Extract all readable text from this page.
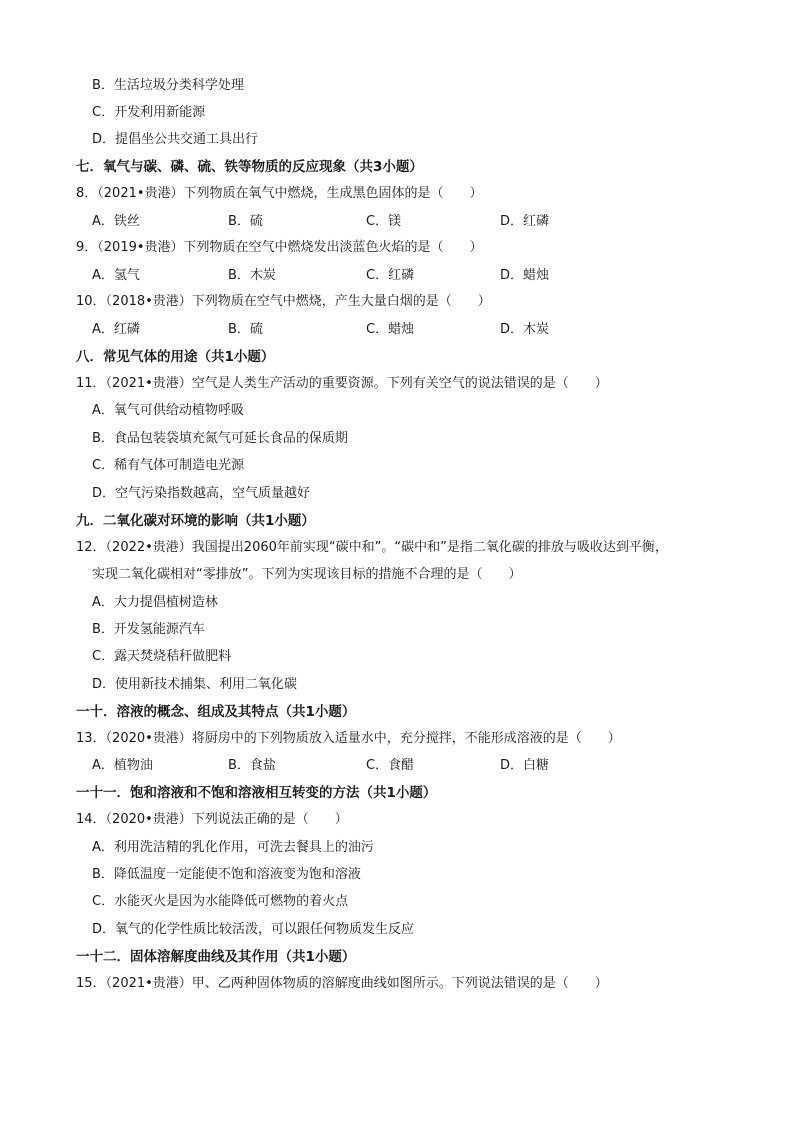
B．生活垃圾分类科学处理
C．开发利用新能源
D．提倡坐公共交通工具出行
七．氧气与碳、磷、硫、铁等物质的反应现象（共3小题）
8．（2021•贵港）下列物质在氧气中燃烧，生成黑色固体的是（　　）
A．铁丝	B．硫	C．镁	D．红磷
9．（2019•贵港）下列物质在空气中燃烧发出淡蓝色火焰的是（　　）
A．氢气	B．木炭	C．红磷	D．蜡烛
10．（2018•贵港）下列物质在空气中燃烧，产生大量白烟的是（　　）
A．红磷	B．硫	C．蜡烛	D．木炭
八．常见气体的用途（共1小题）
11．（2021•贵港）空气是人类生产活动的重要资源。下列有关空气的说法错误的是（　　）
A．氧气可供给动植物呼吸
B．食品包装袋填充氮气可延长食品的保质期
C．稀有气体可制造电光源
D．空气污染指数越高，空气质量越好
九．二氧化碳对环境的影响（共1小题）
12．（2022•贵港）我国提出2060年前实现“碳中和”。“碳中和”是指二氧化碳的排放与吸收达到平衡，
实现二氧化碳相对“零排放”。下列为实现该目标的措施不合理的是（　　）
A．大力提倡植树造林
B．开发氢能源汽车
C．露天焚烧秸秆做肥料
D．使用新技术捕集、利用二氧化碳
一十．溶液的概念、组成及其特点（共1小题）
13．（2020•贵港）将厨房中的下列物质放入适量水中，充分搅拌，不能形成溶液的是（　　）
A．植物油	B．食盐	C．食醋	D．白糖
一十一．饱和溶液和不饱和溶液相互转变的方法（共1小题）
14．（2020•贵港）下列说法正确的是（　　）
A．利用洗洁精的乳化作用，可洗去餐具上的油污
B．降低温度一定能使不饱和溶液变为饱和溶液
C．水能灭火是因为水能降低可燃物的着火点
D．氧气的化学性质比较活泼，可以跟任何物质发生反应
一十二．固体溶解度曲线及其作用（共1小题）
15．（2021•贵港）甲、乙两种固体物质的溶解度曲线如图所示。下列说法错误的是（　　）
